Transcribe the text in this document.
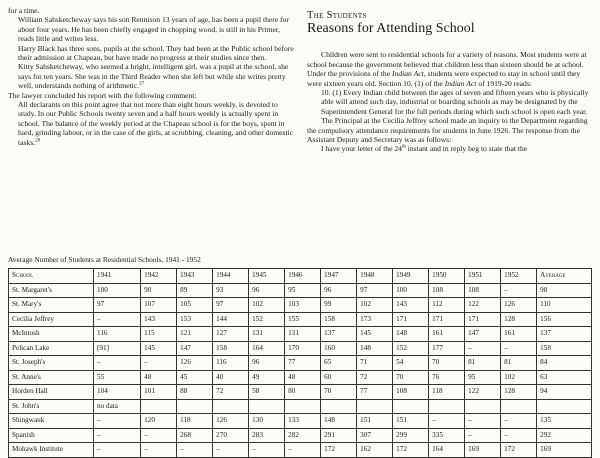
for a time.

William Sahsketcheway says his son Rennison 13 years of age, has been a pupil there for about four years. He has been chiefly engaged in chopping wood, is still in his Primer, reads little and writes less.

Harry Black has three sons, pupils at the school. They had been at the Public school before their admission at Chapeau, but have made no progress at their studies since then.

Kitty Sahsketcheway, who seemed a bright, intelligent girl, was a pupil at the school, she says for ten years. She was in the Third Reader when she left but while she writes pretty well, understands nothing of arithmetic.$^{27}$

The lawyer concluded his report with the following comment:

All declarants on this point agree that not more than eight hours weekly, is devoted to study. In our Public Schools twenty seven and a half hours weekly is actually spent in school. The balance of the weekly period at the Chapeau school is for the boys, spent in hard, grinding labour, or in the case of the girls, at scrubbing, cleaning, and other domestic tasks.$^{28}$

The Students
Reasons for Attending School

Children were sent to residential schools for a variety of reasons. Most students were at school because the government believed that children less than sixteen should be at school. Under the provisions of the Indian Act, students were expected to stay in school until they were sixteen years old. Section 10. (1) of the Indian Act of 1919-20 reads:

10. (1) Every Indian child between the ages of seven and fifteen years who is physically able will attend such day, industrial or boarding schools as may be designated by the Superintendent General for the full periods during which such school is open each year.

The Principal at the Cecilia Jeffrey school made an inquiry to the Department regarding the compulsory attendance requirements for students in June 1926. The response from the Assistant Deputy and Secretary was as follows:

I have your letter of the 24th instant and in reply beg to state that the

Average Number of Students at Residential Schools, 1941 - 1952
School	1941	1942	1943	1944	1945	1946	1947	1948	1949	1950	1951	1952	Average
St. Margaret's	100	90	89	93	96	95	96	97	100	108	108	–	98
St. Mary's	97	107	105	97	102	103	99	102	143	112	122	126	110
Cecilia Jeffrey	–	143	153	144	152	155	158	173	171	171	171	128	156
McIntosh	116	115	121	127	131	131	137	145	148	161	147	161	137
Pelican Lake	[91]	145	147	158	164	170	160	148	152	177	–	–	158
St. Joseph's	–	–	126	116	96	77	65	71	54	70	81	81	84
St. Anne's	55	48	45	40	49	48	60	72	70	76	95	102	63
Horden Hall	104	101	88	72	58	80	70	77	108	118	122	128	94
St. John's	no data												
Shingwauk	–	120	118	126	130	133	148	151	151	–	–	–	135
Spanish	–	–	268	270	283	282	291	307	299	335	–	–	292
Mohawk Institute	–	–	–	–	–	–	172	162	172	164	169	172	169
